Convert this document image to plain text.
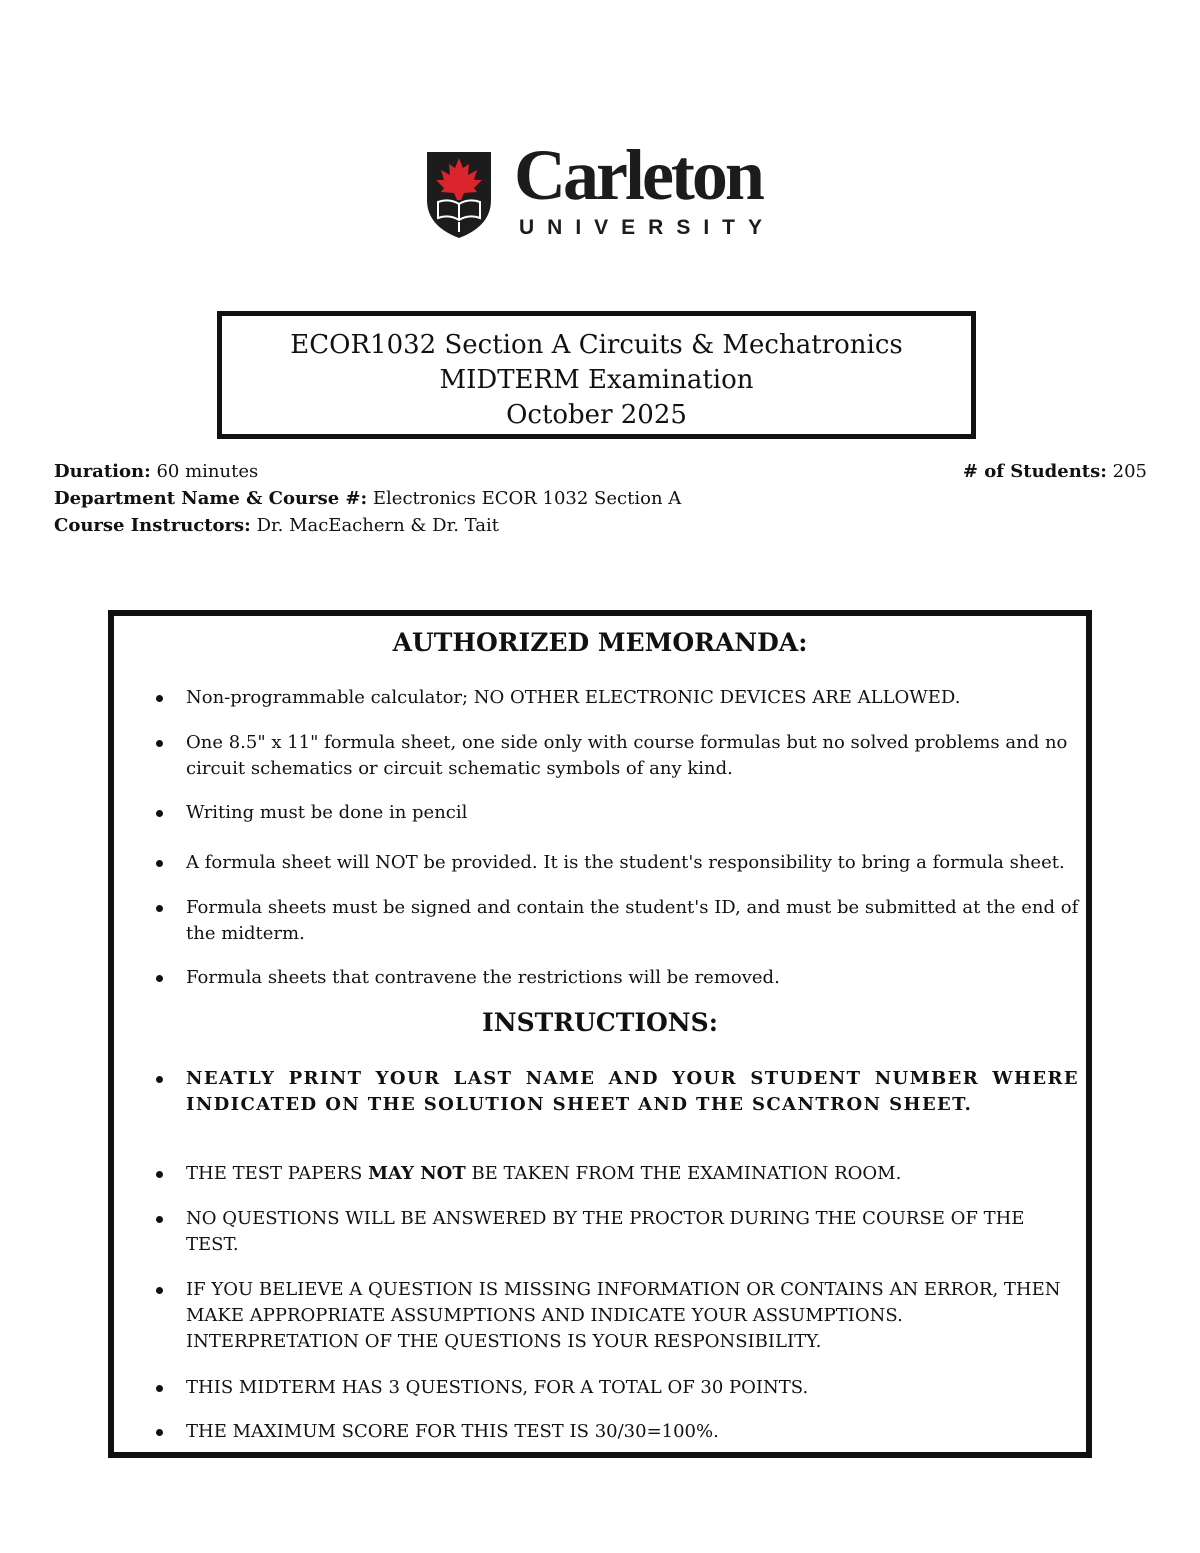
Carleton
UNIVERSITY
ECOR1032 Section A Circuits & Mechatronics
MIDTERM Examination
October 2025
Duration: 60 minutes	# of Students: 205
Department Name & Course #: Electronics ECOR 1032 Section A
Course Instructors: Dr. MacEachern & Dr. Tait
AUTHORIZED MEMORANDA:
Non-programmable calculator; NO OTHER ELECTRONIC DEVICES ARE ALLOWED.
One 8.5" x 11" formula sheet, one side only with course formulas but no solved problems and no circuit schematics or circuit schematic symbols of any kind.
Writing must be done in pencil
A formula sheet will NOT be provided. It is the student's responsibility to bring a formula sheet.
Formula sheets must be signed and contain the student's ID, and must be submitted at the end of the midterm.
Formula sheets that contravene the restrictions will be removed.
INSTRUCTIONS:
NEATLY PRINT YOUR LAST NAME AND YOUR STUDENT NUMBER WHERE INDICATED ON THE SOLUTION SHEET AND THE SCANTRON SHEET.
THE TEST PAPERS MAY NOT BE TAKEN FROM THE EXAMINATION ROOM.
NO QUESTIONS WILL BE ANSWERED BY THE PROCTOR DURING THE COURSE OF THE TEST.
IF YOU BELIEVE A QUESTION IS MISSING INFORMATION OR CONTAINS AN ERROR, THEN MAKE APPROPRIATE ASSUMPTIONS AND INDICATE YOUR ASSUMPTIONS. INTERPRETATION OF THE QUESTIONS IS YOUR RESPONSIBILITY.
THIS MIDTERM HAS 3 QUESTIONS, FOR A TOTAL OF 30 POINTS.
THE MAXIMUM SCORE FOR THIS TEST IS 30/30=100%.
